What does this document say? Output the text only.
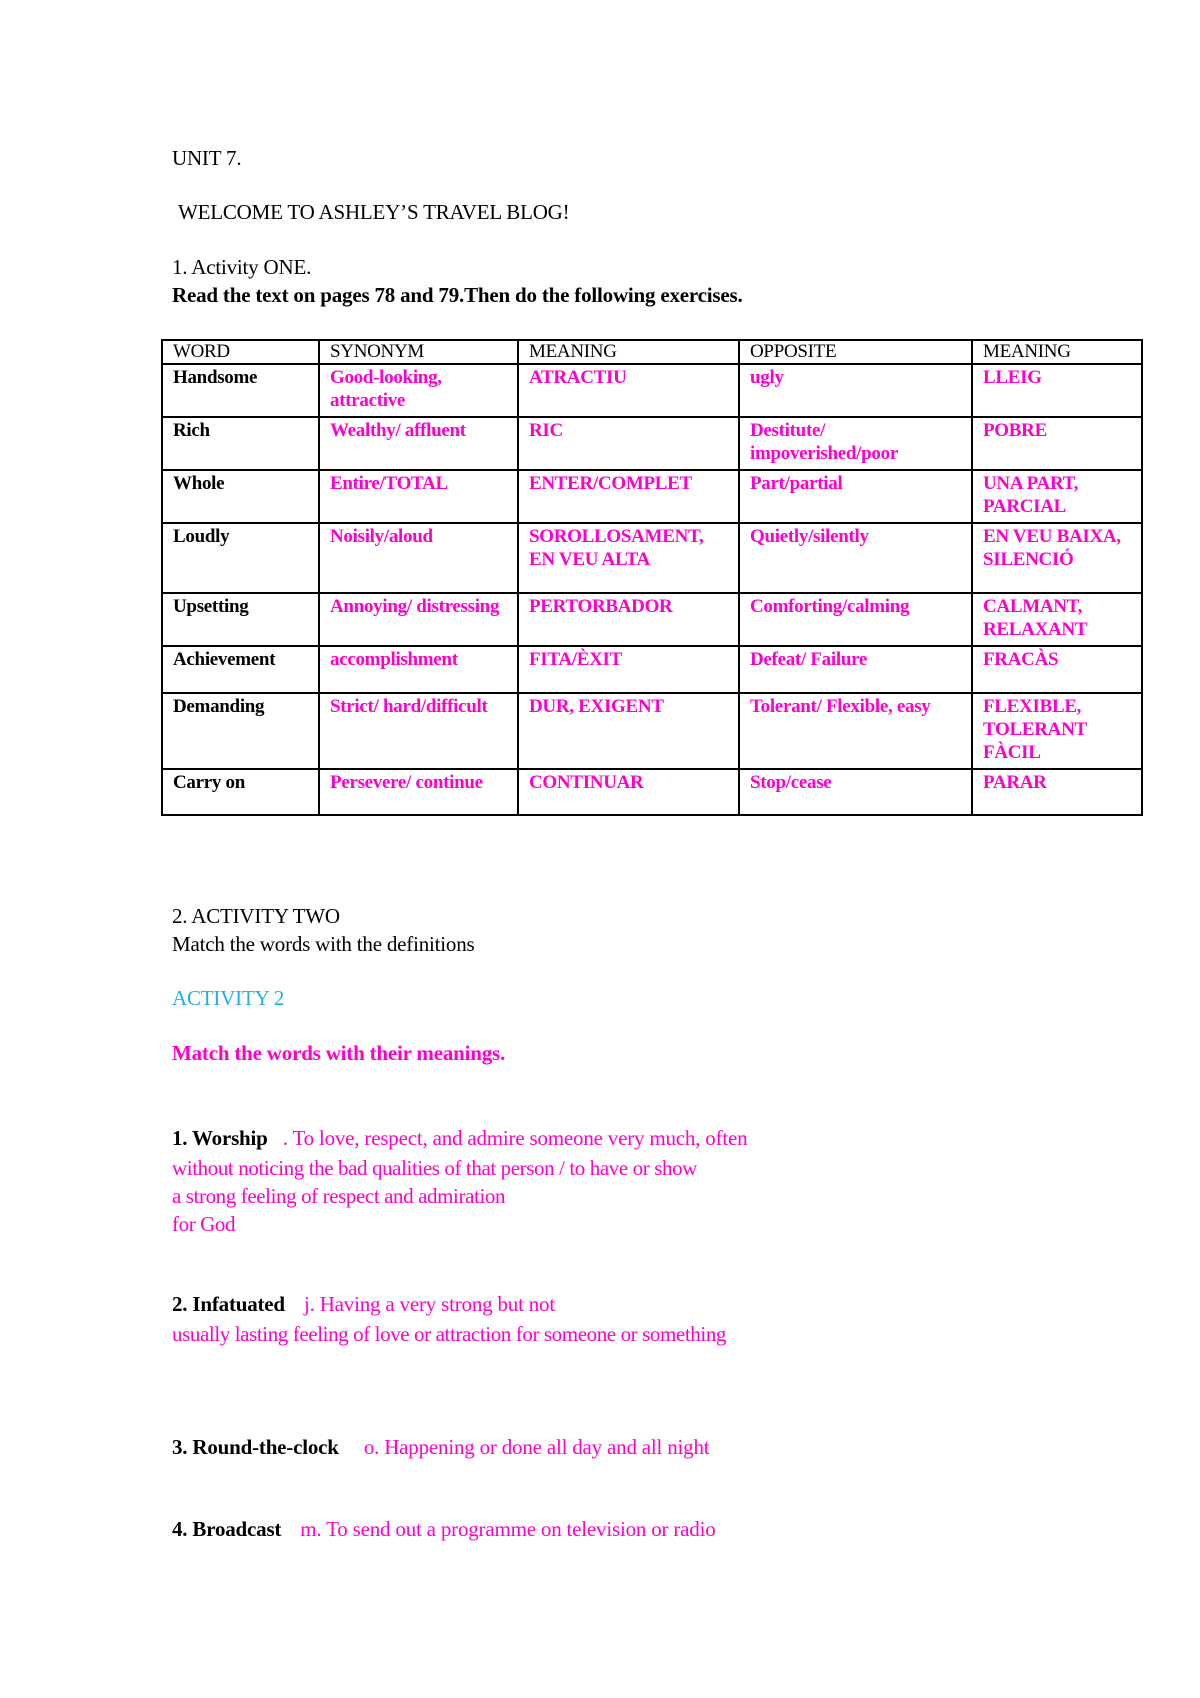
UNIT 7.
WELCOME TO ASHLEY’S TRAVEL BLOG!
1. Activity ONE.
Read the text on pages 78 and 79.Then do the following exercises.
WORD	SYNONYM	MEANING	OPPOSITE	MEANING
Handsome	Good-looking, attractive	ATRACTIU	ugly	LLEIG
Rich	Wealthy/ affluent	RIC	Destitute/ impoverished/poor	POBRE
Whole	Entire/TOTAL	ENTER/COMPLET	Part/partial	UNA PART, PARCIAL
Loudly	Noisily/aloud	SOROLLOSAMENT, EN VEU ALTA	Quietly/silently	EN VEU BAIXA, SILENCIÓ
Upsetting	Annoying/ distressing	PERTORBADOR	Comforting/calming	CALMANT, RELAXANT
Achievement	accomplishment	FITA/ÈXIT	Defeat/ Failure	FRACÀS
Demanding	Strict/ hard/difficult	DUR, EXIGENT	Tolerant/ Flexible, easy	FLEXIBLE, TOLERANT FÀCIL
Carry on	Persevere/ continue	CONTINUAR	Stop/cease	PARAR
2. ACTIVITY TWO
Match the words with the definitions
ACTIVITY 2
Match the words with their meanings.
1. Worship . To love, respect, and admire someone very much, often
without noticing the bad qualities of that person / to have or show
a strong feeling of respect and admiration
for God
2. Infatuated j. Having a very strong but not
usually lasting feeling of love or attraction for someone or something
3. Round-the-clock o. Happening or done all day and all night
4. Broadcast m. To send out a programme on television or radio
